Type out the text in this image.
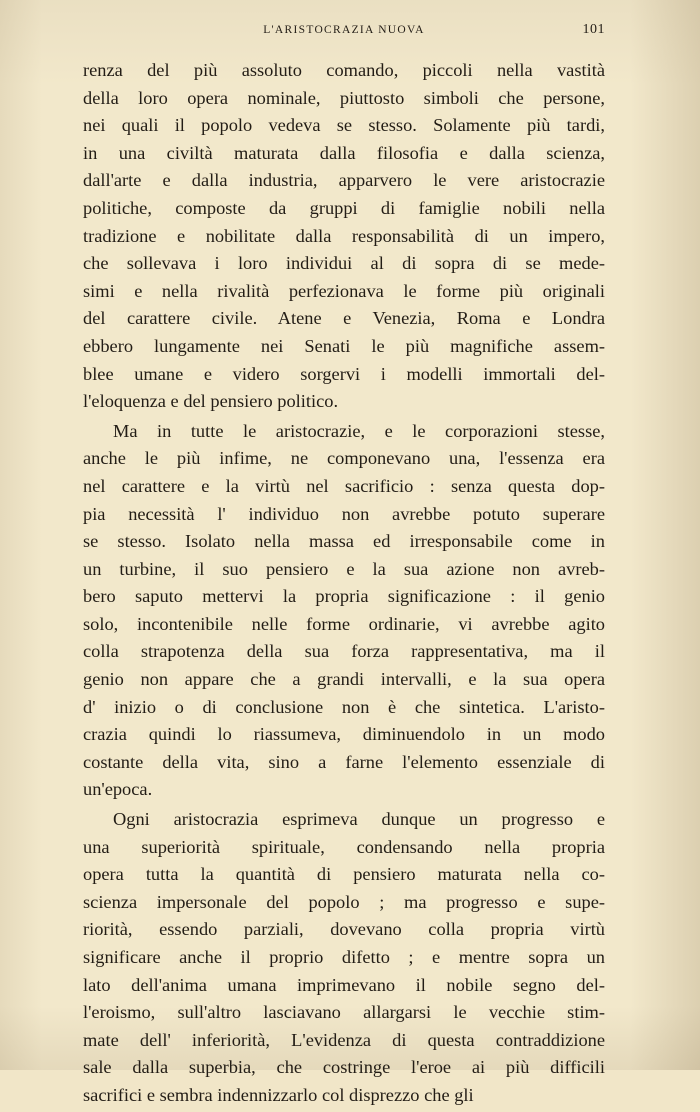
L'ARISTOCRAZIA NUOVA	101
renza del più assoluto comando, piccoli nella vastità
della loro opera nominale, piuttosto simboli che persone,
nei quali il popolo vedeva se stesso. Solamente più tardi,
in una civiltà maturata dalla filosofia e dalla scienza,
dall'arte e dalla industria, apparvero le vere aristocrazie
politiche, composte da gruppi di famiglie nobili nella
tradizione e nobilitate dalla responsabilità di un impero,
che sollevava i loro individui al di sopra di se mede-
simi e nella rivalità perfezionava le forme più originali
del carattere civile. Atene e Venezia, Roma e Londra
ebbero lungamente nei Senati le più magnifiche assem-
blee umane e videro sorgervi i modelli immortali del-
l'eloquenza e del pensiero politico.
Ma in tutte le aristocrazie, e le corporazioni stesse,
anche le più infime, ne componevano una, l'essenza era
nel carattere e la virtù nel sacrificio : senza questa dop-
pia necessità l' individuo non avrebbe potuto superare
se stesso. Isolato nella massa ed irresponsabile come in
un turbine, il suo pensiero e la sua azione non avreb-
bero saputo mettervi la propria significazione : il genio
solo, incontenibile nelle forme ordinarie, vi avrebbe agito
colla strapotenza della sua forza rappresentativa, ma il
genio non appare che a grandi intervalli, e la sua opera
d' inizio o di conclusione non è che sintetica. L'aristo-
crazia quindi lo riassumeva, diminuendolo in un modo
costante della vita, sino a farne l'elemento essenziale di
un'epoca.
Ogni aristocrazia esprimeva dunque un progresso e
una superiorità spirituale, condensando nella propria
opera tutta la quantità di pensiero maturata nella co-
scienza impersonale del popolo ; ma progresso e supe-
riorità, essendo parziali, dovevano colla propria virtù
significare anche il proprio difetto ; e mentre sopra un
lato dell'anima umana imprimevano il nobile segno del-
l'eroismo, sull'altro lasciavano allargarsi le vecchie stim-
mate dell' inferiorità, L'evidenza di questa contraddizione
sale dalla superbia, che costringe l'eroe ai più difficili
sacrifici e sembra indennizzarlo col disprezzo che gli
